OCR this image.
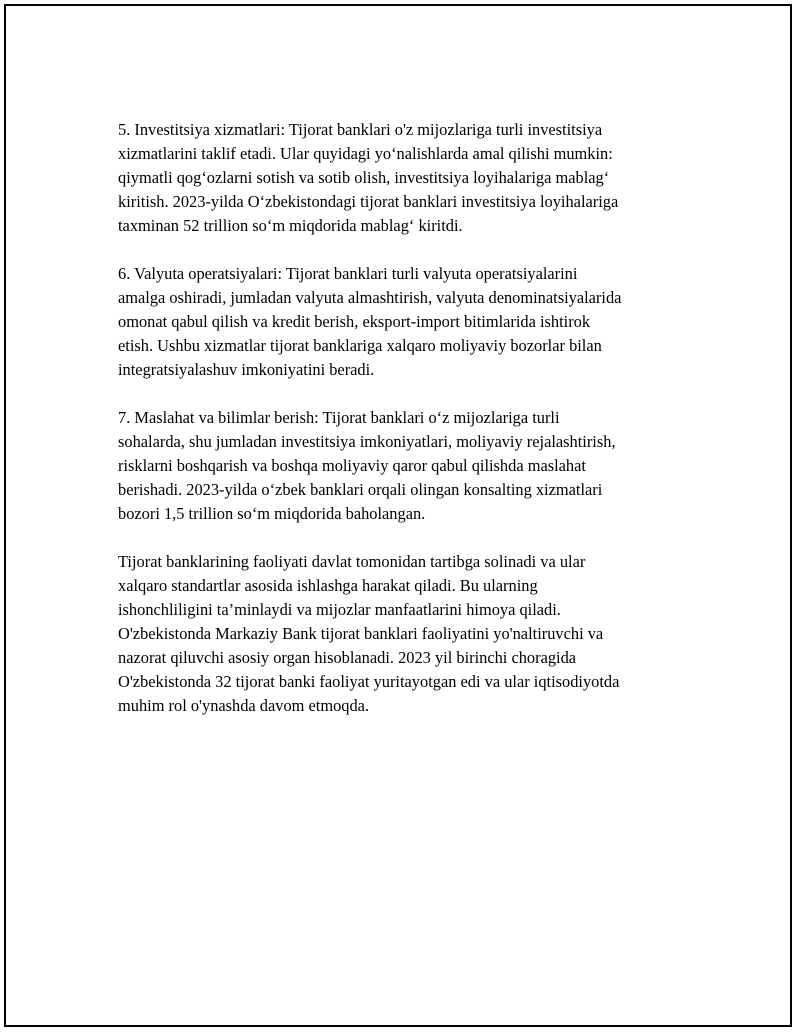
5. Investitsiya xizmatlari: Tijorat banklari o'z mijozlariga turli investitsiya
xizmatlarini taklif etadi. Ular quyidagi yo‘nalishlarda amal qilishi mumkin:
qiymatli qog‘ozlarni sotish va sotib olish, investitsiya loyihalariga mablag‘
kiritish. 2023-yilda O‘zbekistondagi tijorat banklari investitsiya loyihalariga
taxminan 52 trillion so‘m miqdorida mablag‘ kiritdi.

6. Valyuta operatsiyalari: Tijorat banklari turli valyuta operatsiyalarini
amalga oshiradi, jumladan valyuta almashtirish, valyuta denominatsiyalarida
omonat qabul qilish va kredit berish, eksport-import bitimlarida ishtirok
etish. Ushbu xizmatlar tijorat banklariga xalqaro moliyaviy bozorlar bilan
integratsiyalashuv imkoniyatini beradi.

7. Maslahat va bilimlar berish: Tijorat banklari o‘z mijozlariga turli
sohalarda, shu jumladan investitsiya imkoniyatlari, moliyaviy rejalashtirish,
risklarni boshqarish va boshqa moliyaviy qaror qabul qilishda maslahat
berishadi. 2023-yilda o‘zbek banklari orqali olingan konsalting xizmatlari
bozori 1,5 trillion so‘m miqdorida baholangan.

Tijorat banklarining faoliyati davlat tomonidan tartibga solinadi va ular
xalqaro standartlar asosida ishlashga harakat qiladi. Bu ularning
ishonchliligini ta’minlaydi va mijozlar manfaatlarini himoya qiladi.
O'zbekistonda Markaziy Bank tijorat banklari faoliyatini yo'naltiruvchi va
nazorat qiluvchi asosiy organ hisoblanadi. 2023 yil birinchi choragida
O'zbekistonda 32 tijorat banki faoliyat yuritayotgan edi va ular iqtisodiyotda
muhim rol o'ynashda davom etmoqda.
